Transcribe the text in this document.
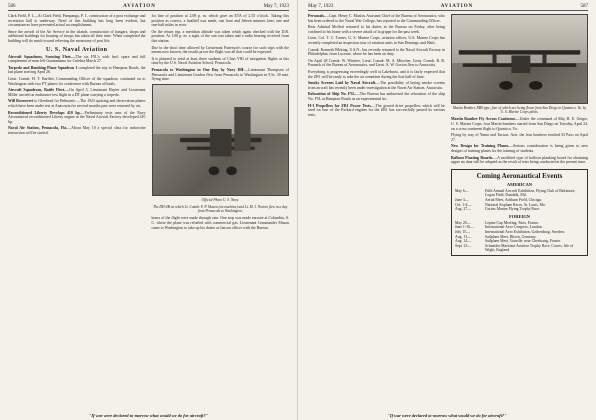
586	AVIATION	May 7, 1923

Clark Field, P. I.—At Clark Field, Pampanga, P. I., construction of a post exchange and recreation hall is underway. Need of this building has long been evident, but circumstances have prevented actual accomplishment.

Since the arrival of the Air Service in the islands, construction of hangars, shops and additional buildings for housing of troops has taken all their time. When completed the building will do much toward relieving the monotony of post life.

U. S. Naval Aviation

Aircraft Squadrons, Scouting Fleet.—The six F5L's with fuel, spare and full complement of men left Guantanamo for Culebra March 27.

Torpedo and Bombing Plane Squadron 1 completed the trip to Hampton Roads, the last plane arriving April 26.

Lieut. Comdr. H. T. Bartlett, Commanding Officer of the squadron, continued on to Washington with two PT planes for conference with Bureau officials.

Aircraft Squadrons, Battle Fleet.—On April 5, Lieutenant Hayler and Lieutenant Miller carried on endurance test flight in a DT plane carrying a torpedo.

Will Reconvert to Glenhead for Belmonte.—The 1923 spotting and observation planes which have been under test at Anacostia for several months past were returned by air.

Reconditioned Liberty Develops 410 hp.—Preliminary tests runs of the Navy Aeronautical reconditioned Liberty engine at the Naval Aircraft Factory developed 410 hp.

Naval Air Station, Pensacola, Fla.—About May 10 a special class for indoctrine instruction will be started.

for line of position at 2.08 p. m. which gave an ETA of 2.55 o'clock. Taking this position as correct, a landfall was made, one hour and fifteen minutes later, one and one-half miles in error.

On the return trip, a meridian altitude was taken which again checked with the D.R. position. At 1.00 p. m. a sight of the sun was taken and a radio bearing received from this station.

Due to the short time allowed by Lieutenant Patterson's course for such trips with the means now known, the results prove the flight was all that could be expected.

It is planned to send at least three students of Class VIII of navigation flights at this time by the U.S. Naval Aviation School, Pensacola.

Pensacola to Washington in One Day by Navy DH.—Lieutenant Thompson of Pensacola and Lieutenant Gordon flew from Pensacola to Washington in 9 hr. 30 min. flying time.

Official Photo U. S. Navy.
The DH-4B on which Lt. Comdr. F. P. Mason (on machine) and Lt. M. J. Norton flew in a day from Pensacola to Washington.

hours of the flight were made through rain. One stop was made enroute at Columbia, S. C. where the plane was refueled with commercial gas. Lieutenant Commander Mason came to Washington to take up his duties as liaison officer with the Bureau.

"If war were declared to-morrow what would we do for aircraft?"
May 7, 1923	AVIATION	587

Personals.—Capt. Henry C. Mustin, Assistant Chief of the Bureau of Aeronautics, who has been ordered to the Naval War College, has reported to the Commanding Officer.

Rear Admiral Moffett returned to his duties in the Bureau on Friday, after being confined to his home with a severe attack of la grippe for the past week.

Lieut. Col. T. C. Turner, U. S. Marine Corps, aviation officer, U.S. Marine Corps has recently completed an inspection tour of aviation units in San Domingo and Haiti.

Comdr. Kenneth Whiting, U.S.N., has recently returned to the Naval Aircraft Factory in Philadelphia, from Lucerne, where he has been on duty.

On April 28 Comdr. W. Winfree, Lieut. Comdr. M. A. Mitscher, Lieut. Comdr. R. R. Paunack of the Bureau of Aeronautics, and Lieut. A. W. Gorton flew to Anacostia.

Everything is progressing exceedingly well at Lakehurst, and it is fairly expected that the ZR1 will be ready to take the air sometime during the first half of June.

Smoky Screens Laid by Naval Aircraft.—The possibility of laying smoke screens from aircraft has recently been under investigation at the Naval Air Station, Anacostia.

Relocation of Ship No. F5L.—The Bureau has authorized the relocation of the ship No. F5L at Hampton Roads as an experimental tie..

H-3 Propellers for ZR1 Power Tests.—The geared drive propellers which will be used on four of the Packard engines for the ZR1 has successfully passed its various tests.

Martin Bomber, NBS type, four of which are being flown from San Diego to Quantico, Va. by U. S. Marine Corps pilots.

Martin Bomber Fly Across Continent.—Under the command of Maj. R. E. Geiger, U. S. Marine Corps, four Martin bombers started from San Diego on Tuesday, April 24, on a cross continent flight to Quantico, Va.

Flying by way of Yuma and Tucson, Ariz. the four bombers reached El Paso on April 27.

New Design for Training Planes.—Serious consideration is being given to new designs of training planes for the training of students.

Balloon Floating Boards.—A modified type of balloon planking board for obtaining upper air data will be adopted as the result of tests being conducted at the present time.

Coming Aeronautical Events
AMERICAN
May 6—	Fifth Annual Aircraft Exhibition, Flying Club of Baltimore, Logan Field, Dundalk, Md.
June 3—	Aerial Meet, Ashburn Field, Chicago.
Oct. 1-4—	National Airplane Races, St. Louis, Mo.
Aug. 27—	Curtiss Marine Flying Trophy Race.
FOREIGN
May 20—	Lepine Cup Meeting, Paris, France.
June 1-16—	International Aero Congress, London.
July 15—	International Aero Exhibition, Gothenburg, Sweden.
Aug. 13—	Sailplane Meet, Rhoen, Germany.
Aug. 14—	Sailplane Meet, Vauville, near Cherbourg, France.
Sept. 23—	Schneider Maritime Aviation Trophy Race, Cowes, Isle of Wight, England.
"If war were declared to-morrow what would we do for aircraft?"
